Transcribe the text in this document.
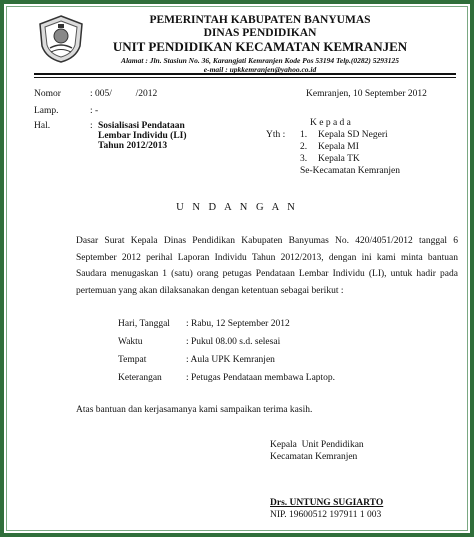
PEMERINTAH KABUPATEN BANYUMAS
DINAS PENDIDIKAN
UNIT PENDIDIKAN KECAMATAN KEMRANJEN
Alamat : Jln. Stasiun No. 36, Karangjati Kemranjen Kode Pos 53194 Telp.(0282) 5293125
e-mail : upkkemranjen@yahoo.co.id
Nomor	: 005/          /2012	Kemranjen, 10 September 2012
Lamp.	: -
Hal.	: Sosialisasi Pendataan
Lembar Individu (LI)
Tahun 2012/2013
K e p a d a
Yth : 1. Kepala SD Negeri
2. Kepala MI
3. Kepala TK
Se-Kecamatan Kemranjen
U N D A N G A N
Dasar Surat Kepala Dinas Pendidikan Kabupaten Banyumas No. 420/4051/2012 tanggal 6 September 2012 perihal Laporan Individu Tahun 2012/2013, dengan ini kami minta bantuan Saudara menugaskan 1 (satu) orang petugas Pendataan Lembar Individu (LI), untuk hadir pada pertemuan yang akan dilaksanakan dengan ketentuan sebagai berikut :
Hari, Tanggal : Rabu, 12 September 2012
Waktu	: Pukul 08.00 s.d. selesai
Tempat	: Aula UPK Kemranjen
Keterangan	: Petugas Pendataan membawa Laptop.
Atas bantuan dan kerjasamanya kami sampaikan terima kasih.
Kepala  Unit Pendidikan
Kecamatan Kemranjen
Drs. UNTUNG SUGIARTO
NIP. 19600512 197911 1 003
